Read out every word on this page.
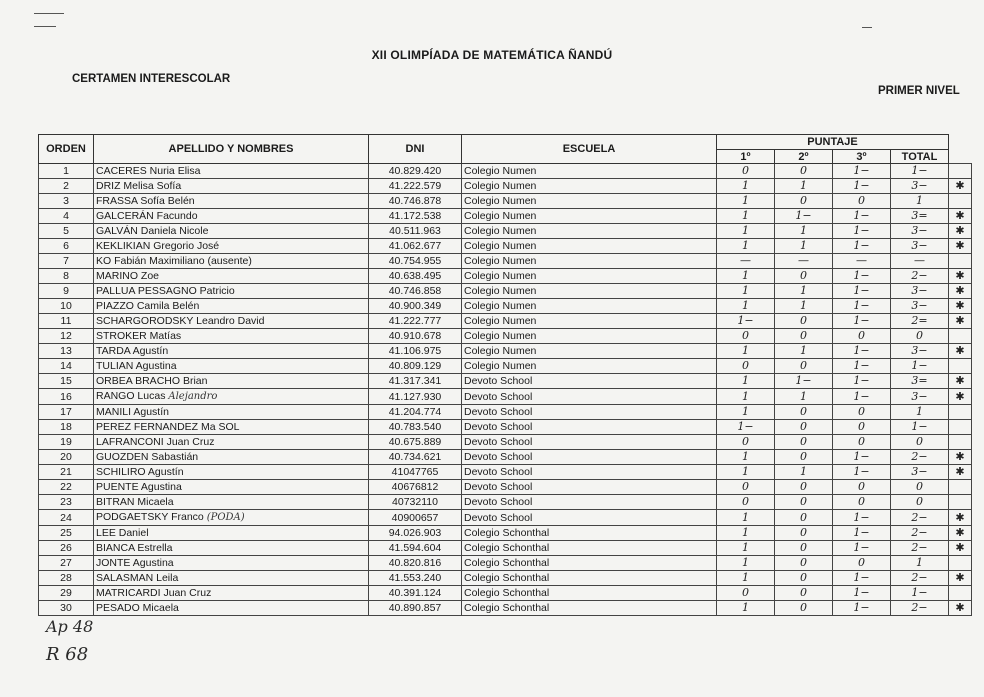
XII OLIMPÍADA DE MATEMÁTICA ÑANDÚ
CERTAMEN INTERESCOLAR
PRIMER NIVEL
ORDEN	APELLIDO Y NOMBRES	DNI	ESCUELA	PUNTAJE				
				1º	2º	3º	TOTAL	
1	CACERES Nuria Elisa	40.829.420	Colegio Numen	0	0	1−	1−	
2	DRIZ Melisa Sofía	41.222.579	Colegio Numen	1	1	1−	3−	✱
3	FRASSA Sofía Belén	40.746.878	Colegio Numen	1	0	0	1	
4	GALCERÁN Facundo	41.172.538	Colegio Numen	1	1−	1−	3=	✱
5	GALVÁN Daniela Nicole	40.511.963	Colegio Numen	1	1	1−	3−	✱
6	KEKLIKIAN Gregorio José	41.062.677	Colegio Numen	1	1	1−	3−	✱
7	KO Fabián Maximiliano (ausente)	40.754.955	Colegio Numen	—	—	—	—	
8	MARINO Zoe	40.638.495	Colegio Numen	1	0	1−	2−	✱
9	PALLUA PESSAGNO Patricio	40.746.858	Colegio Numen	1	1	1−	3−	✱
10	PIAZZO Camila Belén	40.900.349	Colegio Numen	1	1	1−	3−	✱
11	SCHARGORODSKY Leandro David	41.222.777	Colegio Numen	1−	0	1−	2=	✱
12	STROKER Matías	40.910.678	Colegio Numen	0	0	0	0	
13	TARDA Agustín	41.106.975	Colegio Numen	1	1	1−	3−	✱
14	TULIAN Agustina	40.809.129	Colegio Numen	0	0	1−	1−	
15	ORBEA BRACHO Brian	41.317.341	Devoto School	1	1−	1−	3=	✱
16	RANGO Lucas Alejandro	41.127.930	Devoto School	1	1	1−	3−	✱
17	MANILI Agustín	41.204.774	Devoto School	1	0	0	1	
18	PEREZ FERNANDEZ Ma SOL	40.783.540	Devoto School	1−	0	0	1−	
19	LAFRANCONI Juan Cruz	40.675.889	Devoto School	0	0	0	0	
20	GUOZDEN Sabastián	40.734.621	Devoto School	1	0	1−	2−	✱
21	SCHILIRO Agustín	41047765	Devoto School	1	1	1−	3−	✱
22	PUENTE Agustina	40676812	Devoto School	0	0	0	0	
23	BITRAN Micaela	40732110	Devoto School	0	0	0	0	
24	PODGAETSKY Franco (PODA)	40900657	Devoto School	1	0	1−	2−	✱
25	LEE Daniel	94.026.903	Colegio Schonthal	1	0	1−	2−	✱
26	BIANCA Estrella	41.594.604	Colegio Schonthal	1	0	1−	2−	✱
27	JONTE Agustina	40.820.816	Colegio Schonthal	1	0	0	1	
28	SALASMAN Leila	41.553.240	Colegio Schonthal	1	0	1−	2−	✱
29	MATRICARDI Juan Cruz	40.391.124	Colegio Schonthal	0	0	1−	1−	
30	PESADO Micaela	40.890.857	Colegio Schonthal	1	0	1−	2−	✱
Ap 48
R 68
